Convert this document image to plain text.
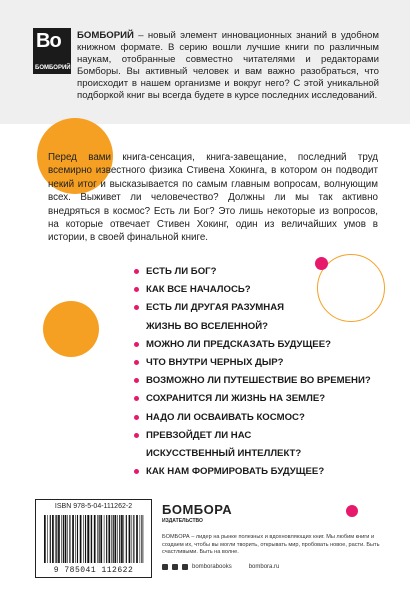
Bo
БОМБОРИЙ
БОМБОРИЙ – новый элемент инновационных знаний в удобном книжном формате. В серию вошли лучшие книги по различным наукам, отобранные совместно читателями и редакторами Бомборы. Вы активный человек и вам важно разобраться, что происходит в нашем организме и вокруг него? С этой уникальной подборкой книг вы всегда будете в курсе последних исследований.
Перед вами книга-сенсация, книга-завещание, последний труд всемирно известного физика Стивена Хокинга, в котором он подводит некий итог и высказывается по самым главным вопросам, волнующим всех. Выживет ли человечество? Должны ли мы так активно внедряться в космос? Есть ли Бог? Это лишь некоторые из вопросов, на которые отвечает Стивен Хокинг, один из величайших умов в истории, в своей финальной книге.
ЕСТЬ ЛИ БОГ?
КАК ВСЕ НАЧАЛОСЬ?
ЕСТЬ ЛИ ДРУГАЯ РАЗУМНАЯ
ЖИЗНЬ ВО ВСЕЛЕННОЙ?
МОЖНО ЛИ ПРЕДСКАЗАТЬ БУДУЩЕЕ?
ЧТО ВНУТРИ ЧЕРНЫХ ДЫР?
ВОЗМОЖНО ЛИ ПУТЕШЕСТВИЕ ВО ВРЕМЕНИ?
СОХРАНИТСЯ ЛИ ЖИЗНЬ НА ЗЕМЛЕ?
НАДО ЛИ ОСВАИВАТЬ КОСМОС?
ПРЕВЗОЙДЕТ ЛИ НАС
ИСКУССТВЕННЫЙ ИНТЕЛЛЕКТ?
КАК НАМ ФОРМИРОВАТЬ БУДУЩЕЕ?
ISBN 978-5-04-111262-2
9 785041 112622
БОМБОРА
ИЗДАТЕЛЬСТВО
БОМБОРА – лидер на рынке полезных и вдохновляющих книг. Мы любим книги и создаем их, чтобы вы могли творить, открывать мир, пробовать новое, расти. Быть счастливыми. Быть на волне.
bomborabooks	bombora.ru
